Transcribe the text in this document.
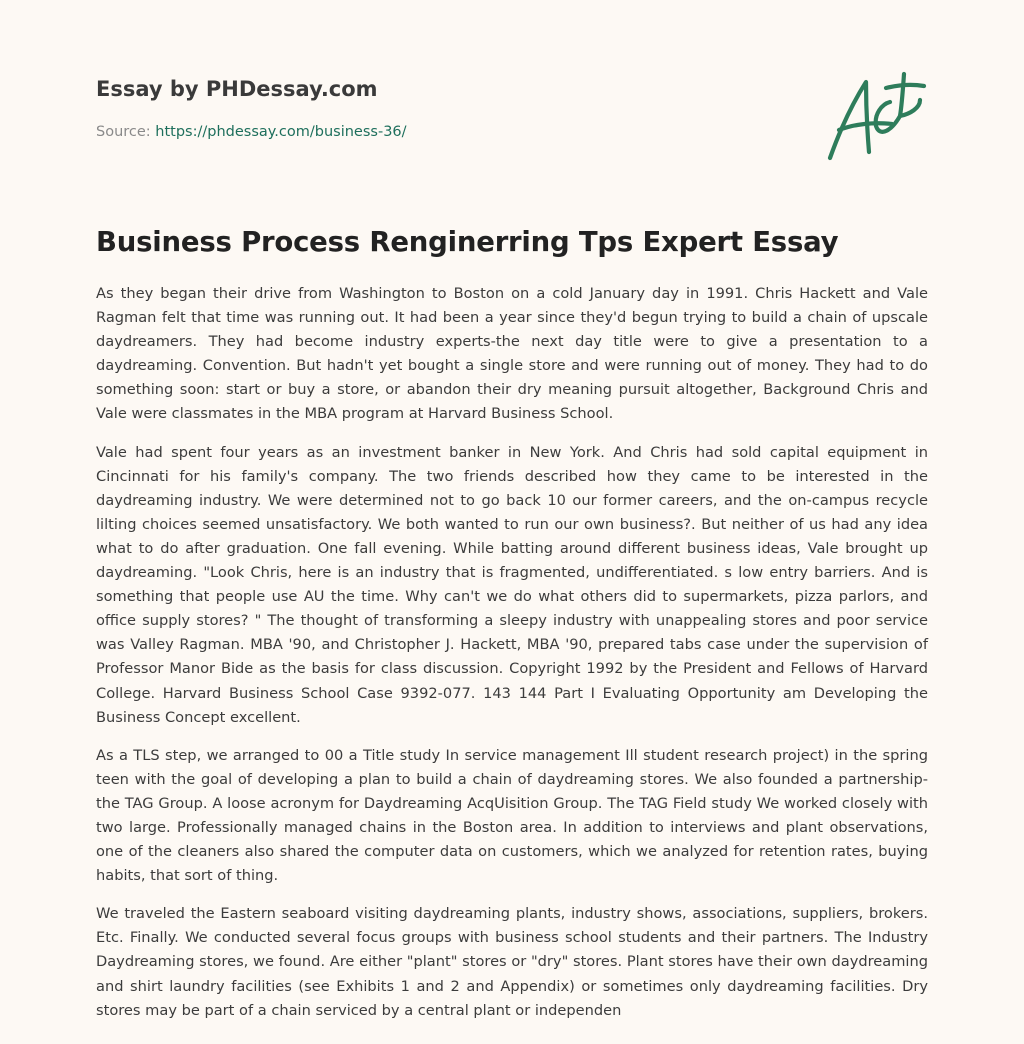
Essay by PHDessay.com
Source: https://phdessay.com/business-36/
Business Process Renginerring Tps Expert Essay

As they began their drive from Washington to Boston on a cold January day in 1991. Chris Hackett and Vale Ragman felt that time was running out. It had been a year since they'd begun trying to build a chain of upscale daydreamers. They had become industry experts-the next day title were to give a presentation to a daydreaming. Convention. But hadn't yet bought a single store and were running out of money. They had to do something soon: start or buy a store, or abandon their dry meaning pursuit altogether, Background Chris and Vale were classmates in the MBA program at Harvard Business School.

Vale had spent four years as an investment banker in New York. And Chris had sold capital equipment in Cincinnati for his family's company. The two friends described how they came to be interested in the daydreaming industry. We were determined not to go back 10 our former careers, and the on-campus recycle lilting choices seemed unsatisfactory. We both wanted to run our own business?. But neither of us had any idea what to do after graduation. One fall evening. While batting around different business ideas, Vale brought up daydreaming. "Look Chris, here is an industry that is fragmented, undifferentiated. s low entry barriers. And is something that people use AU the time. Why can't we do what others did to supermarkets, pizza parlors, and office supply stores? " The thought of transforming a sleepy industry with unappealing stores and poor service was Valley Ragman. MBA '90, and Christopher J. Hackett, MBA '90, prepared tabs case under the supervision of Professor Manor Bide as the basis for class discussion. Copyright 1992 by the President and Fellows of Harvard College. Harvard Business School Case 9392-077. 143 144 Part I Evaluating Opportunity am Developing the Business Concept excellent.

As a TLS step, we arranged to 00 a Title study In service management Ill student research project) in the spring teen with the goal of developing a plan to build a chain of daydreaming stores. We also founded a partnership-the TAG Group. A loose acronym for Daydreaming AcqUisition Group. The TAG Field study We worked closely with two large. Professionally managed chains in the Boston area. In addition to interviews and plant observations, one of the cleaners also shared the computer data on customers, which we analyzed for retention rates, buying habits, that sort of thing.

We traveled the Eastern seaboard visiting daydreaming plants, industry shows, associations, suppliers, brokers. Etc. Finally. We conducted several focus groups with business school students and their partners. The Industry Daydreaming stores, we found. Are either "plant" stores or "dry" stores. Plant stores have their own daydreaming and shirt laundry facilities (see Exhibits 1 and 2 and Appendix) or sometimes only daydreaming facilities. Dry stores may be part of a chain serviced by a central plant or independen
